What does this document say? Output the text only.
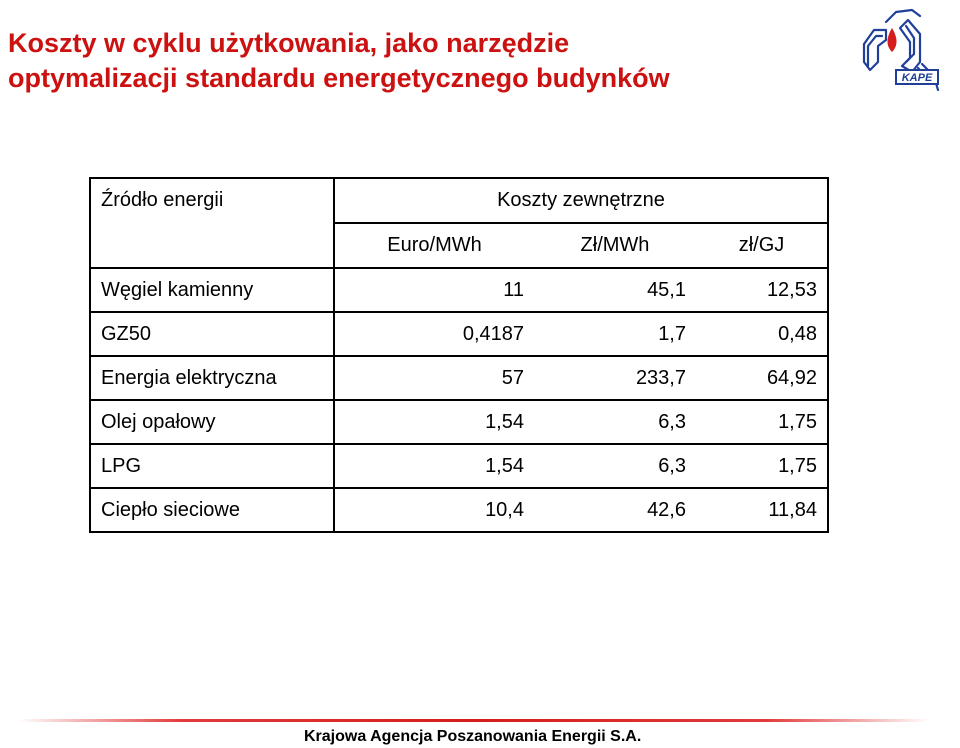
Koszty w cyklu użytkowania, jako narzędzie
optymalizacji standardu energetycznego budynków	KAPE
Źródło energii	Koszty zewnętrzne		
	Euro/MWh	Zł/MWh	zł/GJ
Węgiel kamienny	11	45,1	12,53
GZ50	0,4187	1,7	0,48
Energia elektryczna	57	233,7	64,92
Olej opałowy	1,54	6,3	1,75
LPG	1,54	6,3	1,75
Ciepło sieciowe	10,4	42,6	11,84

Krajowa Agencja Poszanowania Energii S.A.
